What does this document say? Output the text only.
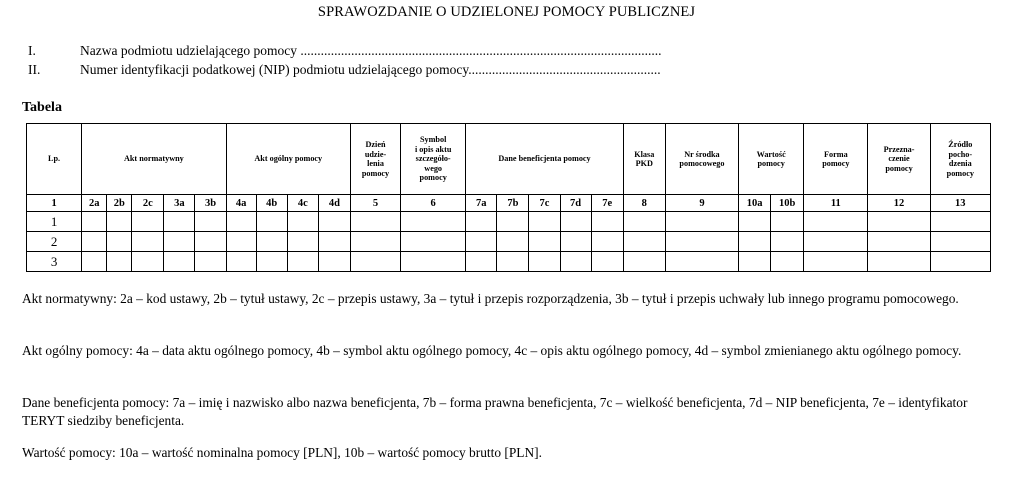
SPRAWOZDANIE O UDZIELONEJ POMOCY PUBLICZNEJ
I.	Nazwa podmiotu udzielającego pomocy ...........................................................................................................
II.	Numer identyfikacji podatkowej (NIP) podmiotu udzielającego pomocy.........................................................
Tabela
Lp.	Akt normatywny					Akt ogólny pomocy				Dzień
udzie-
lenia
pomocy	Symbol
i opis aktu
szczegóło-
wego
pomocy	Dane beneficjenta pomocy					Klasa
PKD	Nr środka
pomocowego	Wartość
pomocy		Forma
pomocy	Przezna-
czenie
pomocy	Źródło
pocho-
dzenia
pomocy
1	2a	2b	2c	3a	3b	4a	4b	4c	4d	5	6	7a	7b	7c	7d	7e	8	9	10a	10b	11	12	13
1																							
2																							
3																							
Akt normatywny: 2a – kod ustawy, 2b – tytuł ustawy, 2c – przepis ustawy, 3a – tytuł i przepis rozporządzenia, 3b – tytuł i przepis uchwały lub innego programu pomocowego.
Akt ogólny pomocy: 4a – data aktu ogólnego pomocy, 4b – symbol aktu ogólnego pomocy, 4c – opis aktu ogólnego pomocy, 4d – symbol zmienianego aktu ogólnego pomocy.
Dane beneficjenta pomocy: 7a – imię i nazwisko albo nazwa beneficjenta, 7b – forma prawna beneficjenta, 7c – wielkość beneficjenta, 7d – NIP beneficjenta, 7e – identyfikator TERYT siedziby beneficjenta.
Wartość pomocy: 10a – wartość nominalna pomocy [PLN], 10b – wartość pomocy brutto [PLN].
